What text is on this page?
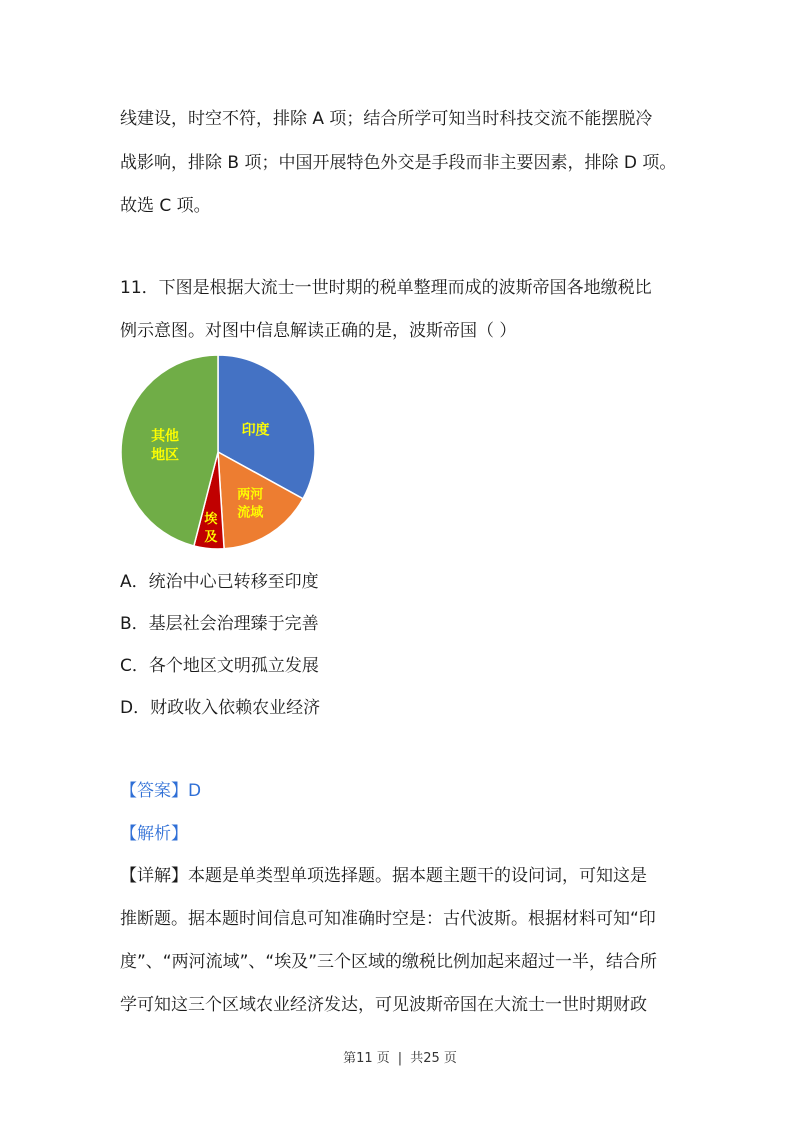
线建设，时空不符，排除 A 项；结合所学可知当时科技交流不能摆脱冷
战影响，排除 B 项；中国开展特色外交是手段而非主要因素，排除 D 项。
故选 C 项。
11．下图是根据大流士一世时期的税单整理而成的波斯帝国各地缴税比
例示意图。对图中信息解读正确的是，波斯帝国（ ）
印度
两河流域
埃及
其他地区
A．统治中心已转移至印度
B．基层社会治理臻于完善
C．各个地区文明孤立发展
D．财政收入依赖农业经济
【答案】D
【解析】
【详解】本题是单类型单项选择题。据本题主题干的设问词，可知这是
推断题。据本题时间信息可知准确时空是：古代波斯。根据材料可知“印
度”、“两河流域”、“埃及”三个区域的缴税比例加起来超过一半，结合所
学可知这三个区域农业经济发达，可见波斯帝国在大流士一世时期财政
第11 页 | 共25 页
